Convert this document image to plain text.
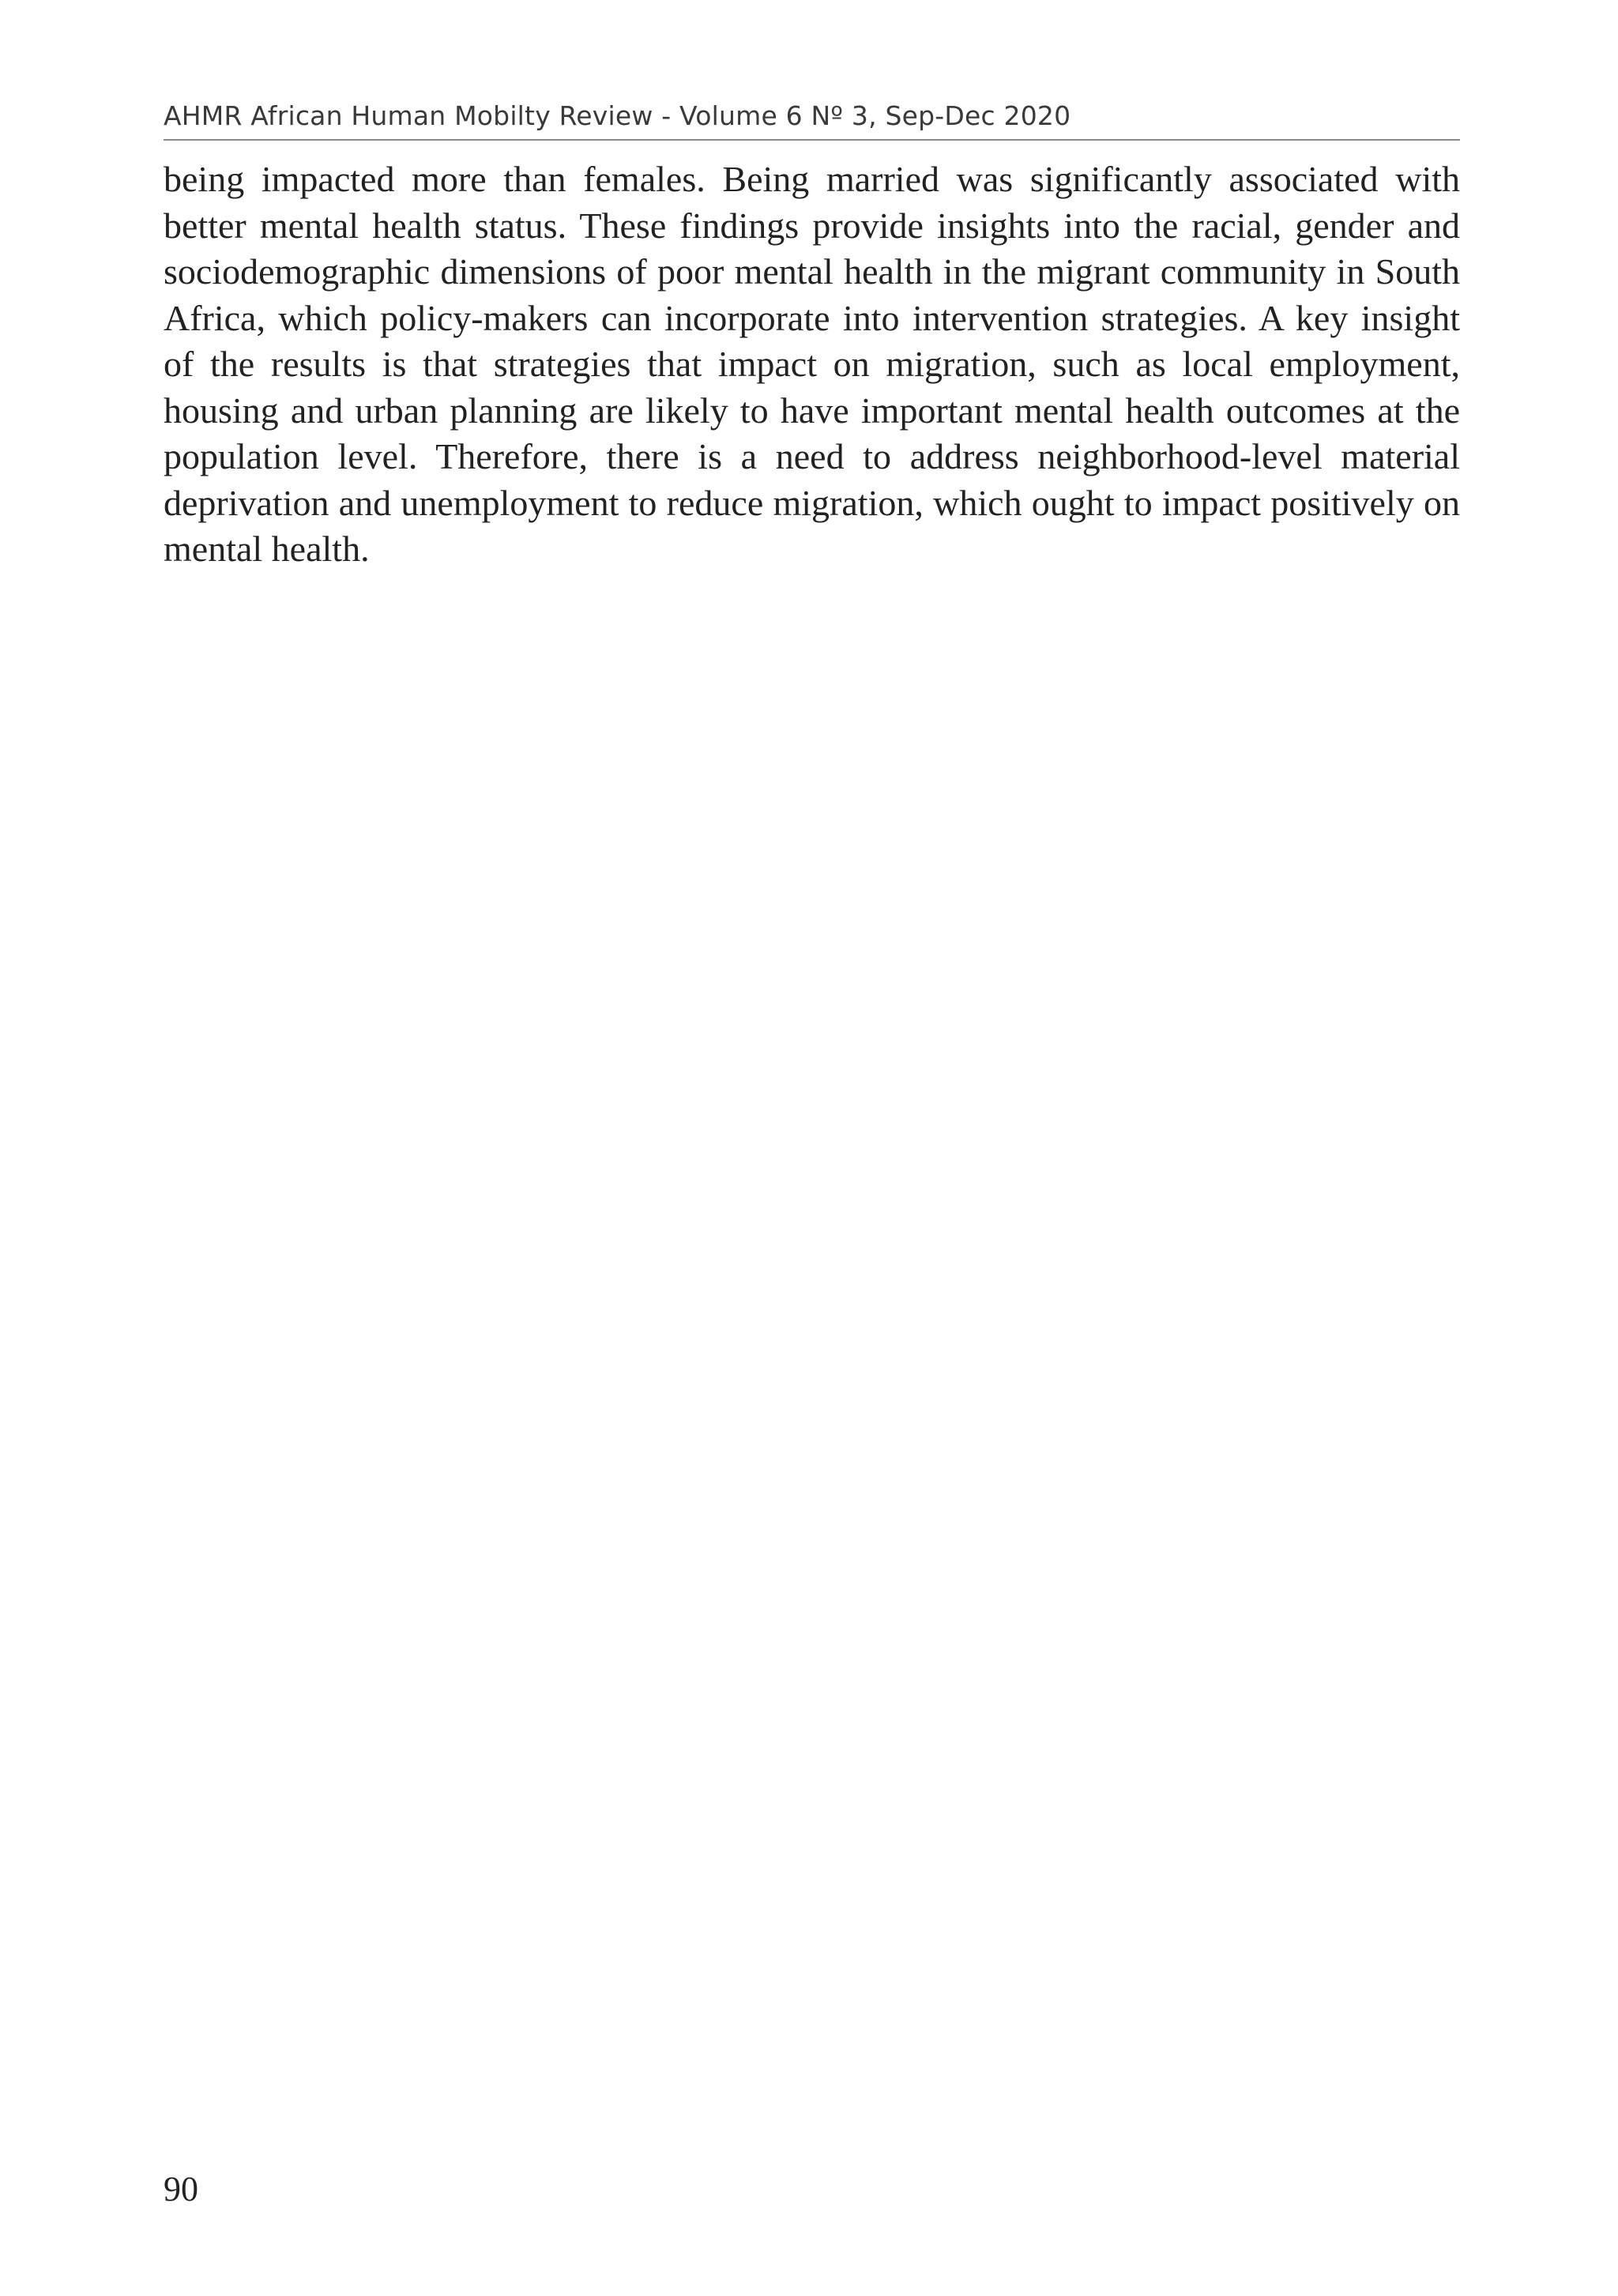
AHMR African Human Mobilty Review - Volume 6 Nº 3, Sep-Dec 2020

being impacted more than females. Being married was significantly associated with better mental health status. These findings provide insights into the racial, gender and sociodemographic dimensions of poor mental health in the migrant community in South Africa, which policy-makers can incorporate into intervention strategies. A key insight of the results is that strategies that impact on migration, such as local employment, housing and urban planning are likely to have important mental health outcomes at the population level. Therefore, there is a need to address neighborhood-level material deprivation and unemployment to reduce migration, which ought to impact positively on mental health.

90
